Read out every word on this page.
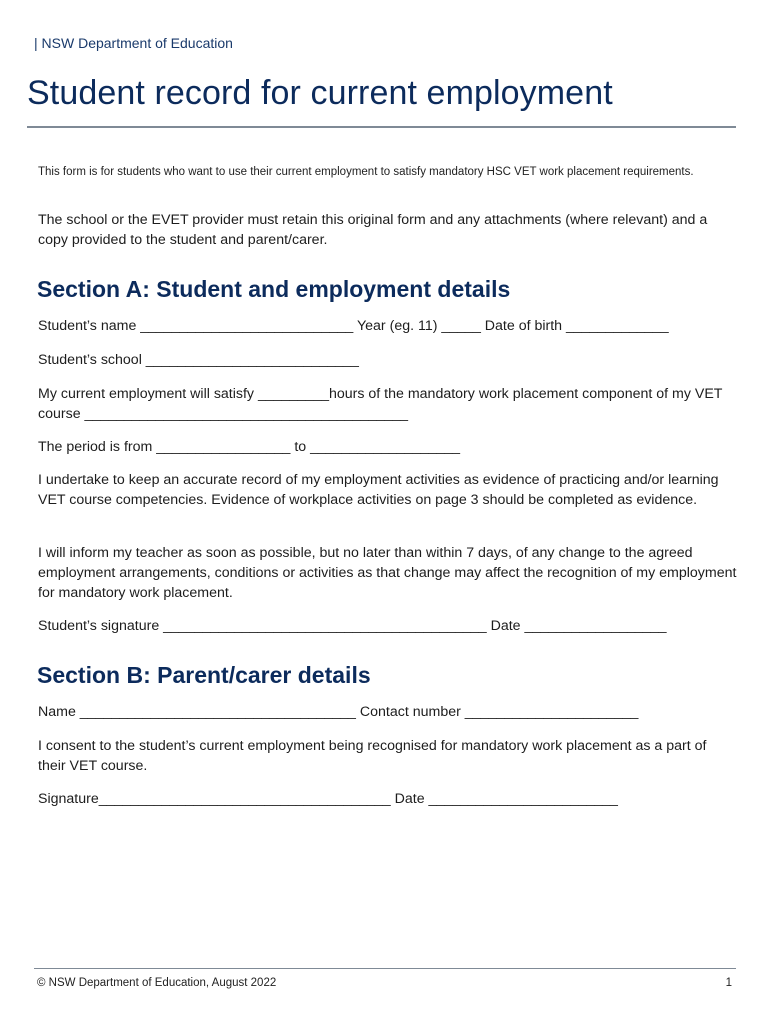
| NSW Department of Education
Student record for current employment
This form is for students who want to use their current employment to satisfy mandatory HSC VET work placement requirements.
The school or the EVET provider must retain this original form and any attachments (where relevant) and a copy provided to the student and parent/carer.
Section A: Student and employment details
Student’s name ___________________________ Year (eg. 11) _____ Date of birth _____________
Student’s school ___________________________
My current employment will satisfy _________hours of the mandatory work placement component of my VET course _________________________________________
The period is from _________________ to ___________________
I undertake to keep an accurate record of my employment activities as evidence of practicing and/or learning VET course competencies. Evidence of workplace activities on page 3 should be completed as evidence.
I will inform my teacher as soon as possible, but no later than within 7 days, of any change to the agreed employment arrangements, conditions or activities as that change may affect the recognition of my employment for mandatory work placement.
Student’s signature _________________________________________ Date __________________
Section B: Parent/carer details
Name ___________________________________ Contact number ______________________
I consent to the student’s current employment being recognised for mandatory work placement as a part of their VET course.
Signature_____________________________________ Date ________________________
© NSW Department of Education, August 2022	1
